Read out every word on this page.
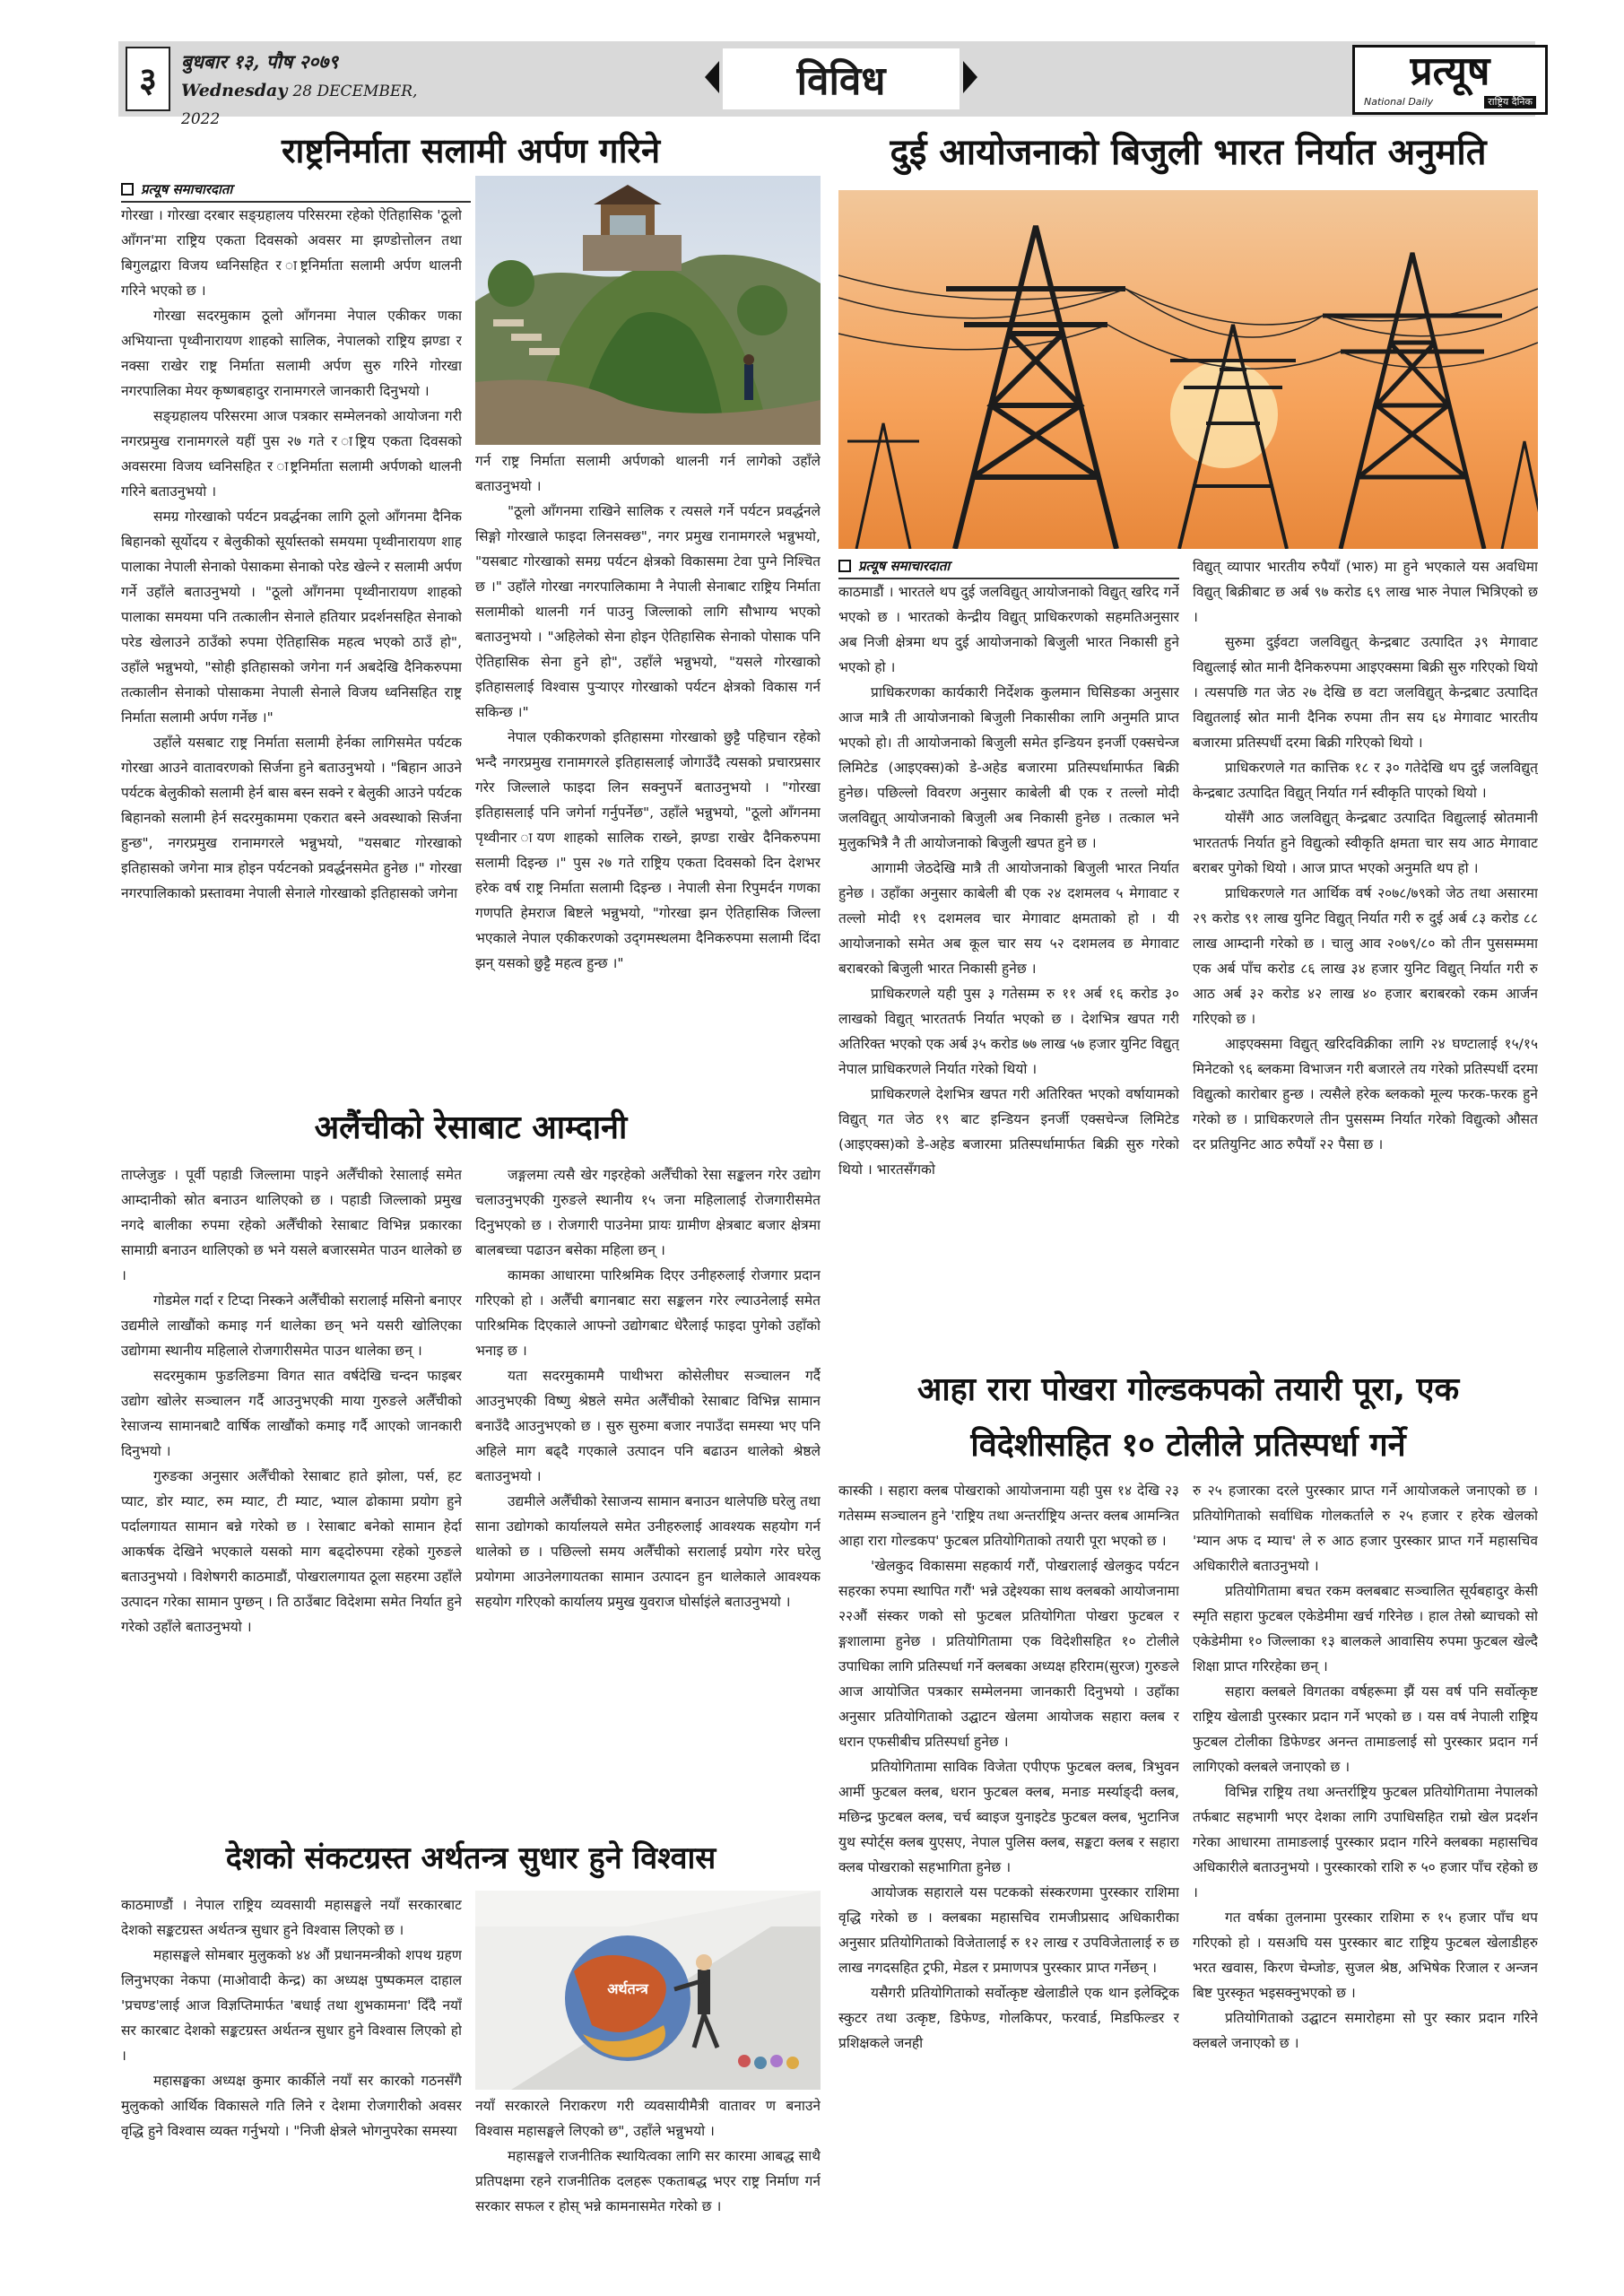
३ बुधबार १३, पौष २०७९
Wednesday 28 DECEMBER, 2022
विविध	प्रत्यूष
National Daily	राष्ट्रिय दैनिक
राष्ट्रनिर्माता सलामी अर्पण गरिने
प्रत्यूष समाचारदाता

गोरखा । गोरखा दरबार सङ्ग्रहालय परिसरमा रहेको ऐतिहासिक 'ठूलो आँगन'मा राष्ट्रिय एकता दिवसको अवसर मा झण्डोत्तोलन तथा बिगुलद्वारा विजय ध्वनिसहित र ाष्ट्रनिर्माता सलामी अर्पण थालनी गरिने भएको छ ।

गोरखा सदरमुकाम ठूलो आँगनमा नेपाल एकीकर णका अभियान्ता पृथ्वीनारायण शाहको सालिक, नेपालको राष्ट्रिय झण्डा र नक्सा राखेर राष्ट्र निर्माता सलामी अर्पण सुरु गरिने गोरखा नगरपालिका मेयर कृष्णबहादुर रानामगरले जानकारी दिनुभयो ।

सङ्ग्रहालय परिसरमा आज पत्रकार सम्मेलनको आयोजना गरी नगरप्रमुख रानामगरले यहीं पुस २७ गते र ाष्ट्रिय एकता दिवसको अवसरमा विजय ध्वनिसहित र ाष्ट्रनिर्माता सलामी अर्पणको थालनी गरिने बताउनुभयो ।

समग्र गोरखाको पर्यटन प्रवर्द्धनका लागि ठूलो आँगनमा दैनिक बिहानको सूर्योदय र बेलुकीको सूर्यास्तको समयमा पृथ्वीनारायण शाह पालाका नेपाली सेनाको पेसाकमा सेनाको परेड खेल्ने र सलामी अर्पण गर्ने उहाँले बताउनुभयो । "ठूलो आँगनमा पृथ्वीनारायण शाहको पालाका समयमा पनि तत्कालीन सेनाले हतियार प्रदर्शनसहित सेनाको परेड खेलाउने ठाउँको रुपमा ऐतिहासिक महत्व भएको ठाउँ हो", उहाँले भन्नुभयो, "सोही इतिहासको जगेना गर्न अबदेखि दैनिकरुपमा तत्कालीन सेनाको पोसाकमा नेपाली सेनाले विजय ध्वनिसहित राष्ट्र निर्माता सलामी अर्पण गर्नेछ ।"

उहाँले यसबाट राष्ट्र निर्माता सलामी हेर्नका लागिसमेत पर्यटक गोरखा आउने वातावरणको सिर्जना हुने बताउनुभयो । "बिहान आउने पर्यटक बेलुकीको सलामी हेर्न बास बस्न सक्ने र बेलुकी आउने पर्यटक बिहानको सलामी हेर्न सदरमुकाममा एकरात बस्ने अवस्थाको सिर्जना हुन्छ", नगरप्रमुख रानामगरले भन्नुभयो, "यसबाट गोरखाको इतिहासको जगेना मात्र होइन पर्यटनको प्रवर्द्धनसमेत हुनेछ ।" गोरखा नगरपालिकाको प्रस्तावमा नेपाली सेनाले गोरखाको इतिहासको जगेना

गर्न राष्ट्र निर्माता सलामी अर्पणको थालनी गर्न लागेको उहाँले बताउनुभयो ।

"ठूलो आँगनमा राखिने सालिक र त्यसले गर्ने पर्यटन प्रवर्द्धनले सिङ्गो गोरखाले फाइदा लिनसक्छ", नगर प्रमुख रानामगरले भन्नुभयो, "यसबाट गोरखाको समग्र पर्यटन क्षेत्रको विकासमा टेवा पुग्ने निश्चित छ ।" उहाँले गोरखा नगरपालिकामा नै नेपाली सेनाबाट राष्ट्रिय निर्माता सलामीको थालनी गर्न पाउनु जिल्लाको लागि सौभाग्य भएको बताउनुभयो । "अहिलेको सेना होइन ऐतिहासिक सेनाको पोसाक पनि ऐतिहासिक सेना हुने हो", उहाँले भन्नुभयो, "यसले गोरखाको इतिहासलाई विश्वास पुऱ्याएर गोरखाको पर्यटन क्षेत्रको विकास गर्न सकिन्छ ।"

नेपाल एकीकरणको इतिहासमा गोरखाको छुट्टै पहिचान रहेको भन्दै नगरप्रमुख रानामगरले इतिहासलाई जोगाउँदै त्यसको प्रचारप्रसार गरेर जिल्लाले फाइदा लिन सक्नुपर्ने बताउनुभयो । "गोरखा इतिहासलाई पनि जगेर्ना गर्नुपर्नेछ", उहाँले भन्नुभयो, "ठूलो आँगनमा पृथ्वीनार ायण शाहको सालिक राख्ने, झण्डा राखेर दैनिकरुपमा सलामी दिइन्छ ।" पुस २७ गते राष्ट्रिय एकता दिवसको दिन देशभर हरेक वर्ष राष्ट्र निर्माता सलामी दिइन्छ । नेपाली सेना रिपुमर्दन गणका गणपति हेमराज बिष्टले भन्नुभयो, "गोरखा झन ऐतिहासिक जिल्ला भएकाले नेपाल एकीकरणको उद्‌गमस्थलमा दैनिकरुपमा सलामी दिंदा झन् यसको छुट्टै महत्व हुन्छ ।"

अलैंचीको रेसाबाट आम्दानी

ताप्लेजुङ । पूर्वी पहाडी जिल्लामा पाइने अलैँचीको रेसालाई समेत आम्दानीको स्रोत बनाउन थालिएको छ । पहाडी जिल्लाको प्रमुख नगदे बालीका रुपमा रहेको अलैँचीको रेसाबाट विभिन्न प्रकारका सामाग्री बनाउन थालिएको छ भने यसले बजारसमेत पाउन थालेको छ ।

गोडमेल गर्दा र टिप्दा निस्कने अलैँचीको सरालाई मसिनो बनाएर उद्यमीले लाखौंको कमाइ गर्न थालेका छन् भने यसरी खोलिएका उद्योगमा स्थानीय महिलाले रोजगारीसमेत पाउन थालेका छन् ।

सदरमुकाम फुङलिङमा विगत सात वर्षदेखि चन्दन फाइबर उद्योग खोलेर सञ्चालन गर्दै आउनुभएकी माया गुरुङले अलैँचीको रेसाजन्य सामानबाटै वार्षिक लाखौंको कमाइ गर्दै आएको जानकारी दिनुभयो ।

गुरुङका अनुसार अलैँचीको रेसाबाट हाते झोला, पर्स, हट प्याट, डोर म्याट, रुम म्याट, टी म्याट, भ्याल ढोकामा प्रयोग हुने पर्दालगायत सामान बन्ने गरेको छ । रेसाबाट बनेको सामान हेर्दा आकर्षक देखिने भएकाले यसको माग बढ्दोरुपमा रहेको गुरुङले बताउनुभयो । विशेषगरी काठमाडौं, पोखरालगायत ठूला सहरमा उहाँले उत्पादन गरेका सामान पुग्छन् । ति ठाउँबाट विदेशमा समेत निर्यात हुने गरेको उहाँले बताउनुभयो ।

जङ्गलमा त्यसै खेर गइरहेको अलैँचीको रेसा सङ्कलन गरेर उद्योग चलाउनुभएकी गुरुङले स्थानीय १५ जना महिलालाई रोजगारीसमेत दिनुभएको छ । रोजगारी पाउनेमा प्रायः ग्रामीण क्षेत्रबाट बजार क्षेत्रमा बालबच्चा पढाउन बसेका महिला छन् ।

कामका आधारमा पारिश्रमिक दिएर उनीहरुलाई रोजगार प्रदान गरिएको हो । अलैँची बगानबाट सरा सङ्कलन गरेर ल्याउनेलाई समेत पारिश्रमिक दिएकाले आफ्नो उद्योगबाट धेरैलाई फाइदा पुगेको उहाँको भनाइ छ ।

यता सदरमुकाममै पाथीभरा कोसेलीघर सञ्चालन गर्दै आउनुभएकी विष्णु श्रेष्ठले समेत अलैँचीको रेसाबाट विभिन्न सामान बनाउँदै आउनुभएको छ । सुरु सुरुमा बजार नपाउँदा समस्या भए पनि अहिले माग बढ्दै गएकाले उत्पादन पनि बढाउन थालेको श्रेष्ठले बताउनुभयो ।

उद्यमीले अलैँचीको रेसाजन्य सामान बनाउन थालेपछि घरेलु तथा साना उद्योगको कार्यालयले समेत उनीहरुलाई आवश्यक सहयोग गर्न थालेको छ । पछिल्लो समय अलैँचीको सरालाई प्रयोग गरेर घरेलु प्रयोगमा आउनेलगायतका सामान उत्पादन हुन थालेकाले आवश्यक सहयोग गरिएको कार्यालय प्रमुख युवराज घोर्साइंले बताउनुभयो ।

देशको संकटग्रस्त अर्थतन्त्र सुधार हुने विश्वास

काठमाण्डौं । नेपाल राष्ट्रिय व्यवसायी महासङ्घले नयाँ सरकारबाट देशको सङ्कटग्रस्त अर्थतन्त्र सुधार हुने विश्वास लिएको छ ।

महासङ्घले सोमबार मुलुकको ४४ औं प्रधानमन्त्रीको शपथ ग्रहण लिनुभएका नेकपा (माओवादी केन्द्र) का अध्यक्ष पुष्पकमल दाहाल 'प्रचण्ड'लाई आज विज्ञप्तिमार्फत 'बधाई तथा शुभकामना' दिँदै नयाँ सर कारबाट देशको सङ्कटग्रस्त अर्थतन्त्र सुधार हुने विश्वास लिएको हो ।

महासङ्घका अध्यक्ष कुमार कार्कीले नयाँ सर कारको गठनसँगै मुलुकको आर्थिक विकासले गति लिने र देशमा रोजगारीको अवसर वृद्धि हुने विश्वास व्यक्त गर्नुभयो । "निजी क्षेत्रले भोगनुपरेका समस्या

अर्थतन्त्र

नयाँ सरकारले निराकरण गरी व्यवसायीमैत्री वातावर ण बनाउने विश्वास महासङ्घले लिएको छ", उहाँले भन्नुभयो ।

महासङ्घले राजनीतिक स्थायित्वका लागि सर कारमा आबद्ध साथै प्रतिपक्षमा रहने राजनीतिक दलहरू एकताबद्ध भएर राष्ट्र निर्माण गर्न सरकार सफल र होस् भन्ने कामनासमेत गरेको छ ।

दुई आयोजनाको बिजुली भारत निर्यात अनुमति
प्रत्यूष समाचारदाता

काठमाडौं । भारतले थप दुई जलविद्युत् आयोजनाको विद्युत् खरिद गर्ने भएको छ । भारतको केन्द्रीय विद्युत् प्राधिकरणको सहमतिअनुसार अब निजी क्षेत्रमा थप दुई आयोजनाको बिजुली भारत निकासी हुने भएको हो ।

प्राधिकरणका कार्यकारी निर्देशक कुलमान घिसिङका अनुसार आज मात्रै ती आयोजनाको बिजुली निकासीका लागि अनुमति प्राप्त भएको हो। ती आयोजनाको बिजुली समेत इन्डियन इनर्जी एक्सचेन्ज लिमिटेड (आइएक्स)को डे-अहेड बजारमा प्रतिस्पर्धामार्फत बिक्री हुनेछ। पछिल्लो विवरण अनुसार काबेली बी एक र तल्लो मोदी जलविद्युत् आयोजनाको बिजुली अब निकासी हुनेछ । तत्काल भने मुलुकभित्रै नै ती आयोजनाको बिजुली खपत हुने छ ।

आगामी जेठदेखि मात्रै ती आयोजनाको बिजुली भारत निर्यात हुनेछ । उहाँका अनुसार काबेली बी एक २४ दशमलव ५ मेगावाट र तल्लो मोदी १९ दशमलव चार मेगावाट क्षमताको हो । यी आयोजनाको समेत अब कूल चार सय ५२ दशमलव छ मेगावाट बराबरको बिजुली भारत निकासी हुनेछ ।

प्राधिकरणले यही पुस ३ गतेसम्म रु ११ अर्ब १६ करोड ३० लाखको विद्युत् भारततर्फ निर्यात भएको छ । देशभित्र खपत गरी अतिरिक्त भएको एक अर्ब ३५ करोड ७७ लाख ५७ हजार युनिट विद्युत् नेपाल प्राधिकरणले निर्यात गरेको थियो ।

प्राधिकरणले देशभित्र खपत गरी अतिरिक्त भएको वर्षायामको विद्युत् गत जेठ १९ बाट इन्डियन इनर्जी एक्सचेन्ज लिमिटेड (आइएक्स)को डे-अहेड बजारमा प्रतिस्पर्धामार्फत बिक्री सुरु गरेको थियो । भारतसँगको

विद्युत् व्यापार भारतीय रुपैयाँ (भारु) मा हुने भएकाले यस अवधिमा विद्युत् बिक्रीबाट छ अर्ब ९७ करोड ६९ लाख भारु नेपाल भित्रिएको छ ।

सुरुमा दुईवटा जलविद्युत् केन्द्रबाट उत्पादित ३९ मेगावाट विद्युत्लाई स्रोत मानी दैनिकरुपमा आइएक्समा बिक्री सुरु गरिएको थियो । त्यसपछि गत जेठ २७ देखि छ वटा जलविद्युत् केन्द्रबाट उत्पादित विद्युतलाई स्रोत मानी दैनिक रुपमा तीन सय ६४ मेगावाट भारतीय बजारमा प्रतिस्पर्धी दरमा बिक्री गरिएको थियो ।

प्राधिकरणले गत कात्तिक १८ र ३० गतेदेखि थप दुई जलविद्युत् केन्द्रबाट उत्पादित विद्युत् निर्यात गर्न स्वीकृति पाएको थियो ।

योसँगै आठ जलविद्युत् केन्द्रबाट उत्पादित विद्युत्लाई स्रोतमानी भारततर्फ निर्यात हुने विद्युत्को स्वीकृति क्षमता चार सय आठ मेगावाट बराबर पुगेको थियो । आज प्राप्त भएको अनुमति थप हो ।

प्राधिकरणले गत आर्थिक वर्ष २०७८/७९को जेठ तथा असारमा २९ करोड ९१ लाख युनिट विद्युत् निर्यात गरी रु दुई अर्ब ८३ करोड ८८ लाख आम्दानी गरेको छ । चालु आव २०७९/८० को तीन पुससम्ममा एक अर्ब पाँच करोड ८६ लाख ३४ हजार युनिट विद्युत् निर्यात गरी रु आठ अर्ब ३२ करोड ४२ लाख ४० हजार बराबरको रकम आर्जन गरिएको छ ।

आइएक्समा विद्युत् खरिदविक्रीका लागि २४ घण्टालाई १५/१५ मिनेटको ९६ ब्लकमा विभाजन गरी बजारले तय गरेको प्रतिस्पर्धी दरमा विद्युत्को कारोबार हुन्छ । त्यसैले हरेक ब्लकको मूल्य फरक-फरक हुने गरेको छ । प्राधिकरणले तीन पुससम्म निर्यात गरेको विद्युत्को औसत दर प्रतियुनिट आठ रुपैयाँ २२ पैसा छ ।

आहा रारा पोखरा गोल्डकपको तयारी पूरा, एक
विदेशीसहित १० टोलीले प्रतिस्पर्धा गर्ने

कास्की । सहारा क्लब पोखराको आयोजनामा यही पुस १४ देखि २३ गतेसम्म सञ्चालन हुने 'राष्ट्रिय तथा अन्तर्राष्ट्रिय अन्तर क्लब आमन्त्रित आहा रारा गोल्डकप' फुटबल प्रतियोगिताको तयारी पूरा भएको छ ।

'खेलकुद विकासमा सहकार्य गरौं, पोखरालाई खेलकुद पर्यटन सहरका रुपमा स्थापित गरौं' भन्ने उद्देश्यका साथ क्लबको आयोजनामा २२औं संस्कर णको सो फुटबल प्रतियोगिता पोखरा फुटबल र ङ्गशालामा हुनेछ । प्रतियोगितामा एक विदेशीसहित १० टोलीले उपाधिका लागि प्रतिस्पर्धा गर्ने क्लबका अध्यक्ष हरिराम(सुरज) गुरुङले आज आयोजित पत्रकार सम्मेलनमा जानकारी दिनुभयो । उहाँका अनुसार प्रतियोगिताको उद्घाटन खेलमा आयोजक सहारा क्लब र धरान एफसीबीच प्रतिस्पर्धा हुनेछ ।

प्रतियोगितामा साविक विजेता एपीएफ फुटबल क्लब, त्रिभुवन आर्मी फुटबल क्लब, धरान फुटबल क्लब, मनाङ मर्स्याङ्दी क्लब, मछिन्द्र फुटबल क्लब, चर्च ब्वाइज युनाइटेड फुटबल क्लब, भुटानिज युथ स्पोर्ट्स क्लब युएसए, नेपाल पुलिस क्लब, सङ्कटा क्लब र सहारा क्लब पोखराको सहभागिता हुनेछ ।

आयोजक सहाराले यस पटकको संस्करणमा पुरस्कार राशिमा वृद्धि गरेको छ । क्लबका महासचिव रामजीप्रसाद अधिकारीका अनुसार प्रतियोगिताको विजेतालाई रु १२ लाख र उपविजेतालाई रु छ लाख नगदसहित ट्रफी, मेडल र प्रमाणपत्र पुरस्कार प्राप्त गर्नेछन् ।

यसैगरी प्रतियोगिताको सर्वोत्कृष्ट खेलाडीले एक थान इलेक्ट्रिक स्कुटर तथा उत्कृष्ट, डिफेण्ड, गोलकिपर, फरवार्ड, मिडफिल्डर र प्रशिक्षकले जनही

रु २५ हजारका दरले पुरस्कार प्राप्त गर्ने आयोजकले जनाएको छ । प्रतियोगिताको सर्वाधिक गोलकर्तालेे रु २५ हजार र हरेक खेलको 'म्यान अफ द म्याच' ले रु आठ हजार पुरस्कार प्राप्त गर्ने महासचिव अधिकारीले बताउनुभयो ।

प्रतियोगितामा बचत रकम क्लबबाट सञ्चालित सूर्यबहादुर केसी स्मृति सहारा फुटबल एकेडेमीमा खर्च गरिनेछ । हाल तेस्रो ब्याचको सो एकेडेमीमा १० जिल्लाका १३ बालकले आवासिय रुपमा फुटबल खेल्दै शिक्षा प्राप्त गरिरहेका छन् ।

सहारा क्लबले विगतका वर्षहरूमा झैं यस वर्ष पनि सर्वोत्कृष्ट राष्ट्रिय खेलाडी पुरस्कार प्रदान गर्ने भएको छ । यस वर्ष नेपाली राष्ट्रिय फुटबल टोलीका डिफेण्डर अनन्त तामाङलाई सो पुरस्कार प्रदान गर्न लागिएको क्लबले जनाएको छ ।

विभिन्न राष्ट्रिय तथा अन्तर्राष्ट्रिय फुटबल प्रतियोगितामा नेपालको तर्फबाट सहभागी भएर देशका लागि उपाधिसहित राम्रो खेल प्रदर्शन गरेका आधारमा तामाङलाई पुरस्कार प्रदान गरिने क्लबका महासचिव अधिकारीले बताउनुभयो । पुरस्कारको राशि रु ५० हजार पाँच रहेको छ ।

गत वर्षका तुलनामा पुरस्कार राशिमा रु १५ हजार पाँच थप गरिएको हो । यसअघि यस पुरस्कार बाट राष्ट्रिय फुटबल खेलाडीहरु भरत खवास, किरण चेम्जोङ, सुजल श्रेष्ठ, अभिषेक रिजाल र अन्जन बिष्ट पुरस्कृत भइसक्नुभएको छ ।

प्रतियोगिताको उद्घाटन समारोहमा सो पुर स्कार प्रदान गरिने क्लबले जनाएको छ ।
